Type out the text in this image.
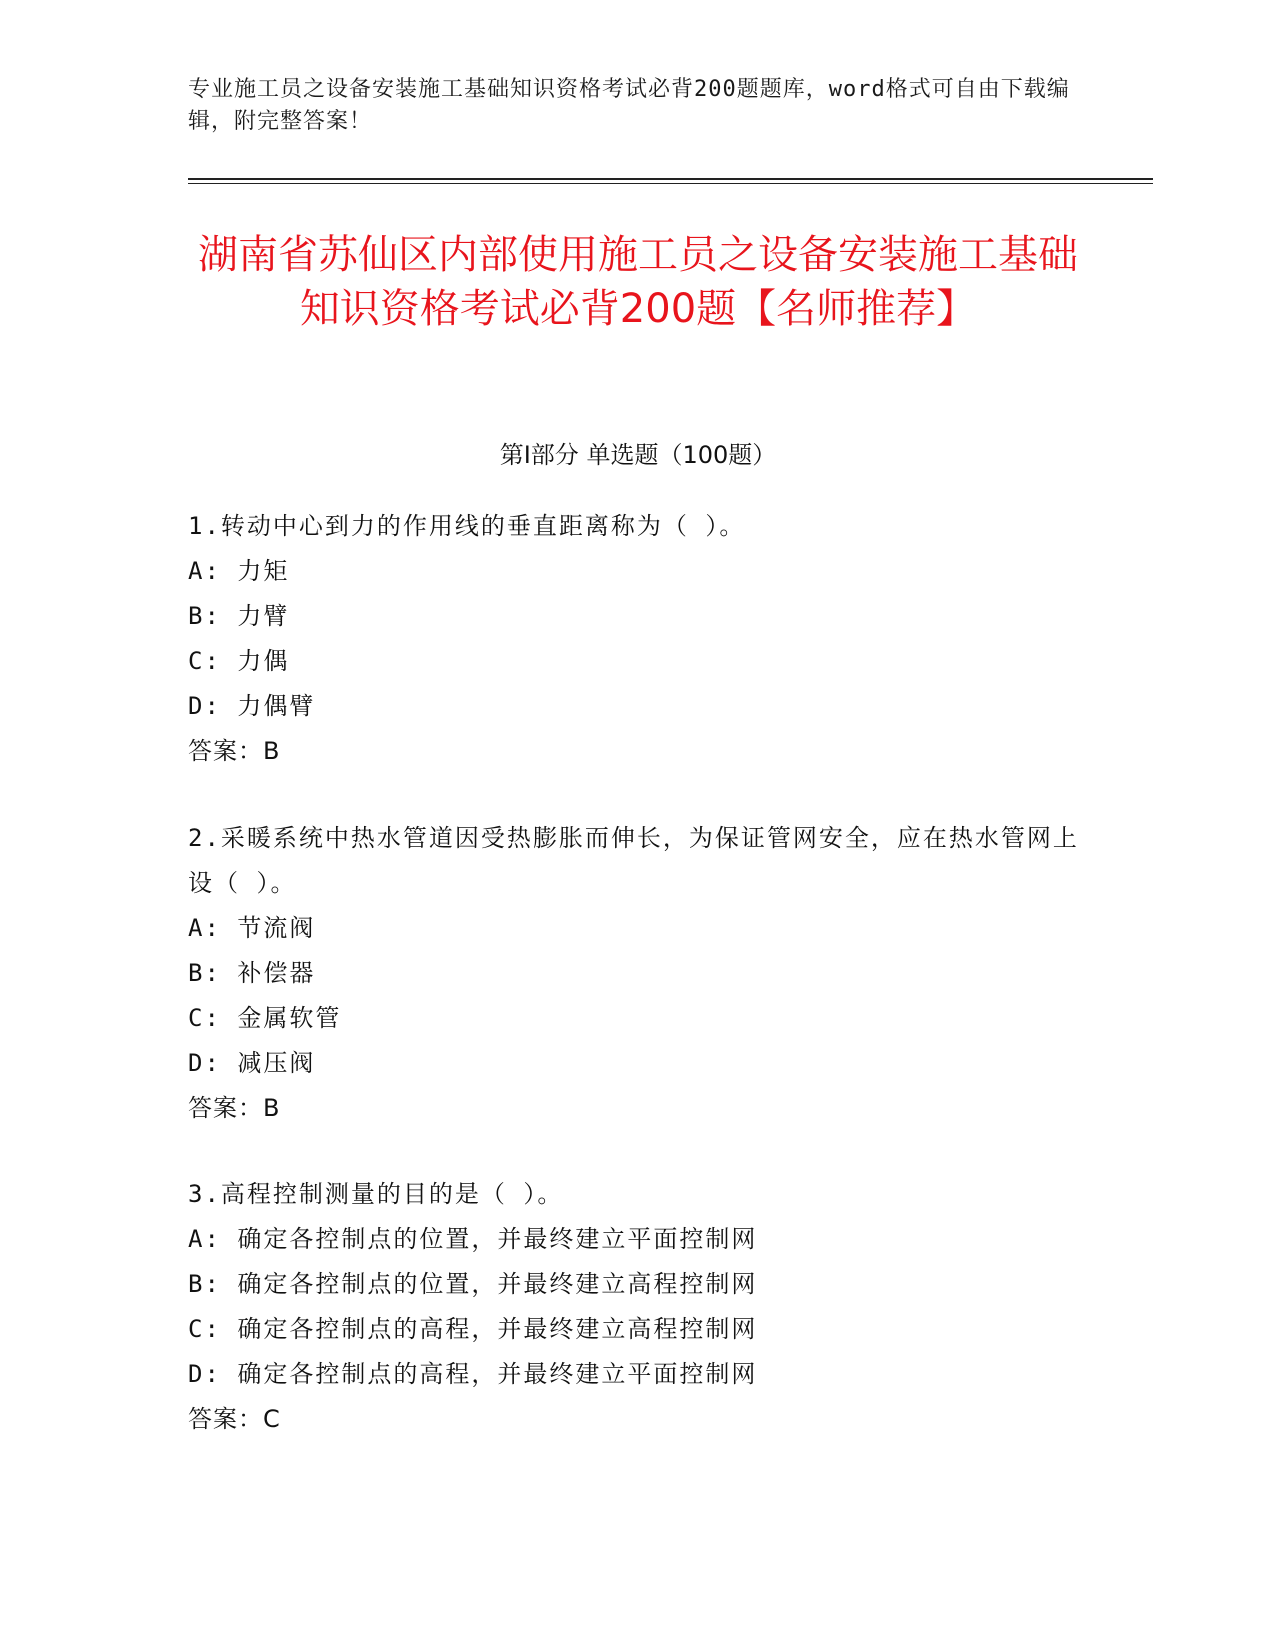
专业施工员之设备安装施工基础知识资格考试必背200题题库，word格式可自由下载编辑，附完整答案！
湖南省苏仙区内部使用施工员之设备安装施工基础知识资格考试必背200题【名师推荐】
第I部分 单选题（100题）

1.转动中心到力的作用线的垂直距离称为（ ）。

A: 力矩

B: 力臂

C: 力偶

D: 力偶臂

答案：B

2.采暖系统中热水管道因受热膨胀而伸长，为保证管网安全，应在热水管网上设（ ）。

A: 节流阀

B: 补偿器

C: 金属软管

D: 减压阀

答案：B

3.高程控制测量的目的是（ ）。

A: 确定各控制点的位置，并最终建立平面控制网

B: 确定各控制点的位置，并最终建立高程控制网

C: 确定各控制点的高程，并最终建立高程控制网

D: 确定各控制点的高程，并最终建立平面控制网

答案：C
